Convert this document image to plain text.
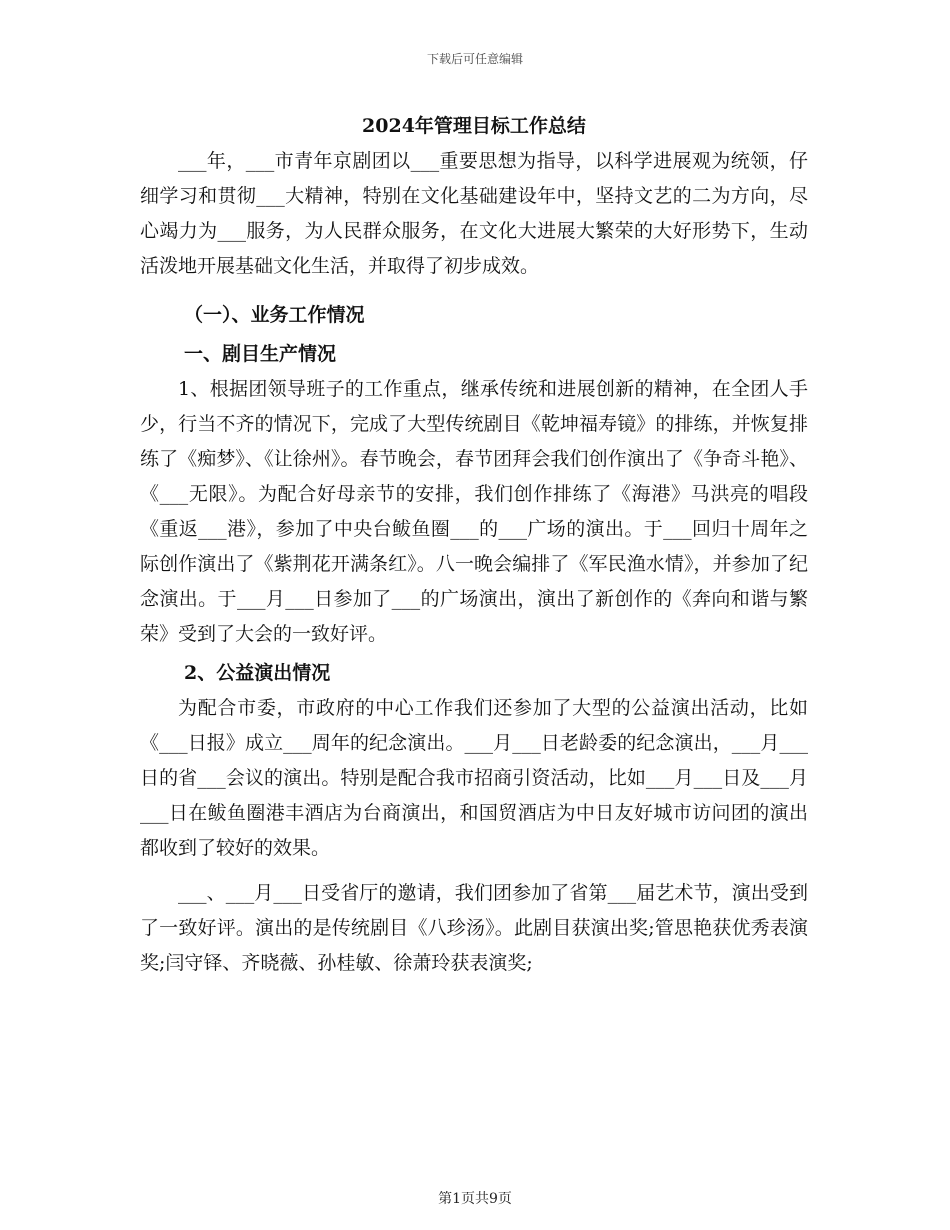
下载后可任意编辑

2024年管理目标工作总结

___年，___市青年京剧团以___重要思想为指导，以科学进展观为统领，仔细学习和贯彻___大精神，特别在文化基础建设年中，坚持文艺的二为方向，尽心竭力为___服务，为人民群众服务，在文化大进展大繁荣的大好形势下，生动活泼地开展基础文化生活，并取得了初步成效。

（一）、业务工作情况

一、剧目生产情况

1、根据团领导班子的工作重点，继承传统和进展创新的精神，在全团人手少，行当不齐的情况下，完成了大型传统剧目《乾坤福寿镜》的排练，并恢复排练了《痴梦》、《让徐州》。春节晚会，春节团拜会我们创作演出了《争奇斗艳》、《___无限》。为配合好母亲节的安排，我们创作排练了《海港》马洪亮的唱段《重返___港》，参加了中央台鲅鱼圈___的___广场的演出。于___回归十周年之际创作演出了《紫荆花开满条红》。八一晚会编排了《军民渔水情》，并参加了纪念演出。于___月___日参加了___的广场演出，演出了新创作的《奔向和谐与繁荣》受到了大会的一致好评。

2、公益演出情况

为配合市委，市政府的中心工作我们还参加了大型的公益演出活动，比如《___日报》成立___周年的纪念演出。___月___日老龄委的纪念演出，___月___日的省___会议的演出。特别是配合我市招商引资活动，比如___月___日及___月___日在鲅鱼圈港丰酒店为台商演出，和国贸酒店为中日友好城市访问团的演出都收到了较好的效果。

___、___月___日受省厅的邀请，我们团参加了省第___届艺术节，演出受到了一致好评。演出的是传统剧目《八珍汤》。此剧目获演出奖;管思艳获优秀表演奖;闫守铎、齐晓薇、孙桂敏、徐萧玲获表演奖;

第1页共9页
